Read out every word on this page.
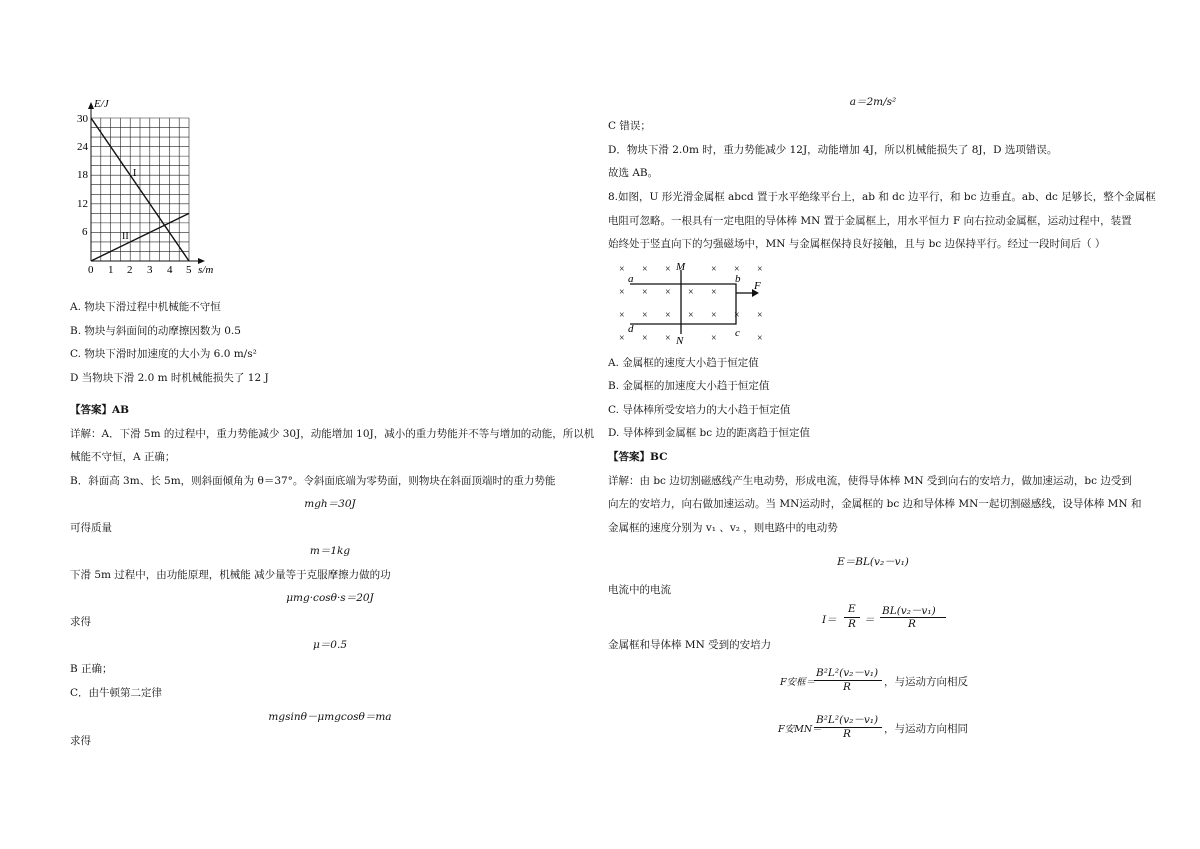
E/J
s/m
30
24
18
12
6
0 1 2 3 4 5
I
II
A. 物块下滑过程中机械能不守恒
B. 物块与斜面间的动摩擦因数为 0.5
C. 物块下滑时加速度的大小为 6.0 m/s²
D 当物块下滑 2.0 m 时机械能损失了 12 J
【答案】AB
详解：A．下滑 5m 的过程中，重力势能减少 30J，动能增加 10J，减小的重力势能并不等与增加的动能，所以机
械能不守恒，A 正确；
B．斜面高 3m、长 5m，则斜面倾角为 θ＝37°。令斜面底端为零势面，则物块在斜面顶端时的重力势能
mgh＝30J
可得质量
m＝1kg
下滑 5m 过程中，由功能原理，机械能 减少量等于克服摩擦力做的功
μmg·cosθ·s＝20J
求得
μ＝0.5
B 正确；
C．由牛顿第二定律
mgsinθ－μmgcosθ＝ma
求得
a＝2m/s²
C 错误；
D．物块下滑 2.0m 时，重力势能减少 12J，动能增加 4J，所以机械能损失了 8J，D 选项错误。
故选 AB。
8.如图，U 形光滑金属框 abcd 置于水平绝缘平台上，ab 和 dc 边平行，和 bc 边垂直。ab、dc 足够长，整个金属框
电阻可忽略。一根具有一定电阻的导体棒 MN 置于金属框上，用水平恒力 F 向右拉动金属框，运动过程中，装置
始终处于竖直向下的匀强磁场中，MN 与金属框保持良好接触，且与 bc 边保持平行。经过一段时间后（ ）
× × ×	× × ×
× × × × ×
× × × × × × ×
× × ×	×	×
M
N
a	b
c
d
F
A. 金属框的速度大小趋于恒定值
B. 金属框的加速度大小趋于恒定值
C. 导体棒所受安培力的大小趋于恒定值
D. 导体棒到金属框 bc 边的距离趋于恒定值
【答案】BC
详解：由 bc 边切割磁感线产生电动势，形成电流，使得导体棒 MN 受到向右的安培力，做加速运动，bc 边受到
向左的安培力，向右做加速运动。当 MN运动时，金属框的 bc 边和导体棒 MN一起切割磁感线，设导体棒 MN 和
金属框的速度分别为 v₁ 、v₂ ，则电路中的电动势
E＝BL(v₂－v₁)
电流中的电流
I＝
E
R ＝
BL(v₂－v₁)
R
金属框和导体棒 MN 受到的安培力
F安框＝
B²L²(v₂－v₁)
R	，与运动方向相反
F安MN＝
B²L²(v₂－v₁)
R	，与运动方向相同
